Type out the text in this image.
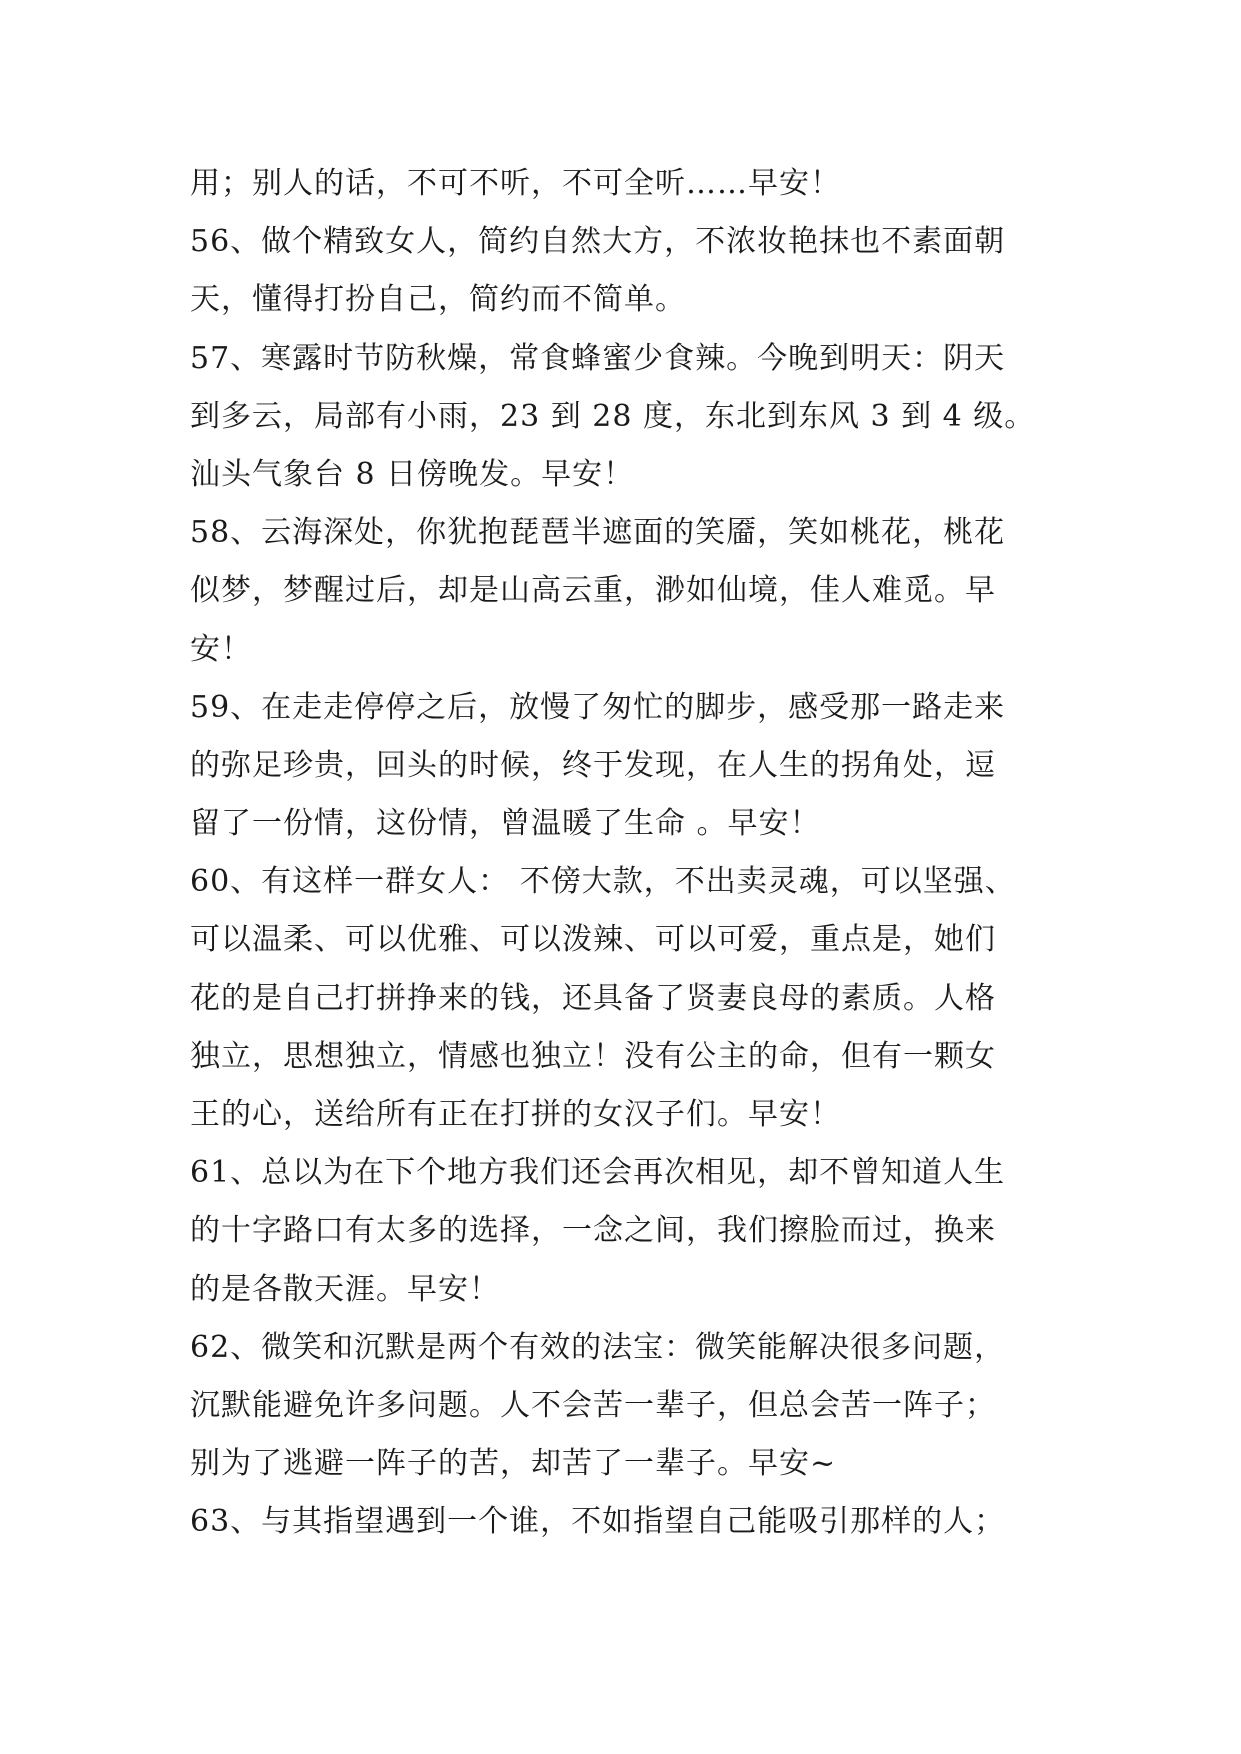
用；别人的话，不可不听，不可全听……早安！
56、做个精致女人，简约自然大方，不浓妆艳抹也不素面朝
天，懂得打扮自己，简约而不简单。
57、寒露时节防秋燥，常食蜂蜜少食辣。今晚到明天：阴天
到多云，局部有小雨，23 到 28 度，东北到东风 3 到 4 级。
汕头气象台 8 日傍晚发。早安！
58、云海深处，你犹抱琵琶半遮面的笑靥，笑如桃花，桃花
似梦，梦醒过后，却是山高云重，渺如仙境，佳人难觅。早
安！
59、在走走停停之后，放慢了匆忙的脚步，感受那一路走来
的弥足珍贵，回头的时候，终于发现，在人生的拐角处，逗
留了一份情，这份情，曾温暖了生命 。早安！
60、有这样一群女人： 不傍大款，不出卖灵魂，可以坚强、
可以温柔、可以优雅、可以泼辣、可以可爱，重点是，她们
花的是自己打拼挣来的钱，还具备了贤妻良母的素质。人格
独立，思想独立，情感也独立！没有公主的命，但有一颗女
王的心，送给所有正在打拼的女汉子们。早安！
61、总以为在下个地方我们还会再次相见，却不曾知道人生
的十字路口有太多的选择，一念之间，我们擦脸而过，换来
的是各散天涯。早安！
62、微笑和沉默是两个有效的法宝：微笑能解决很多问题，
沉默能避免许多问题。人不会苦一辈子，但总会苦一阵子；
别为了逃避一阵子的苦，却苦了一辈子。早安~
63、与其指望遇到一个谁，不如指望自己能吸引那样的人；
